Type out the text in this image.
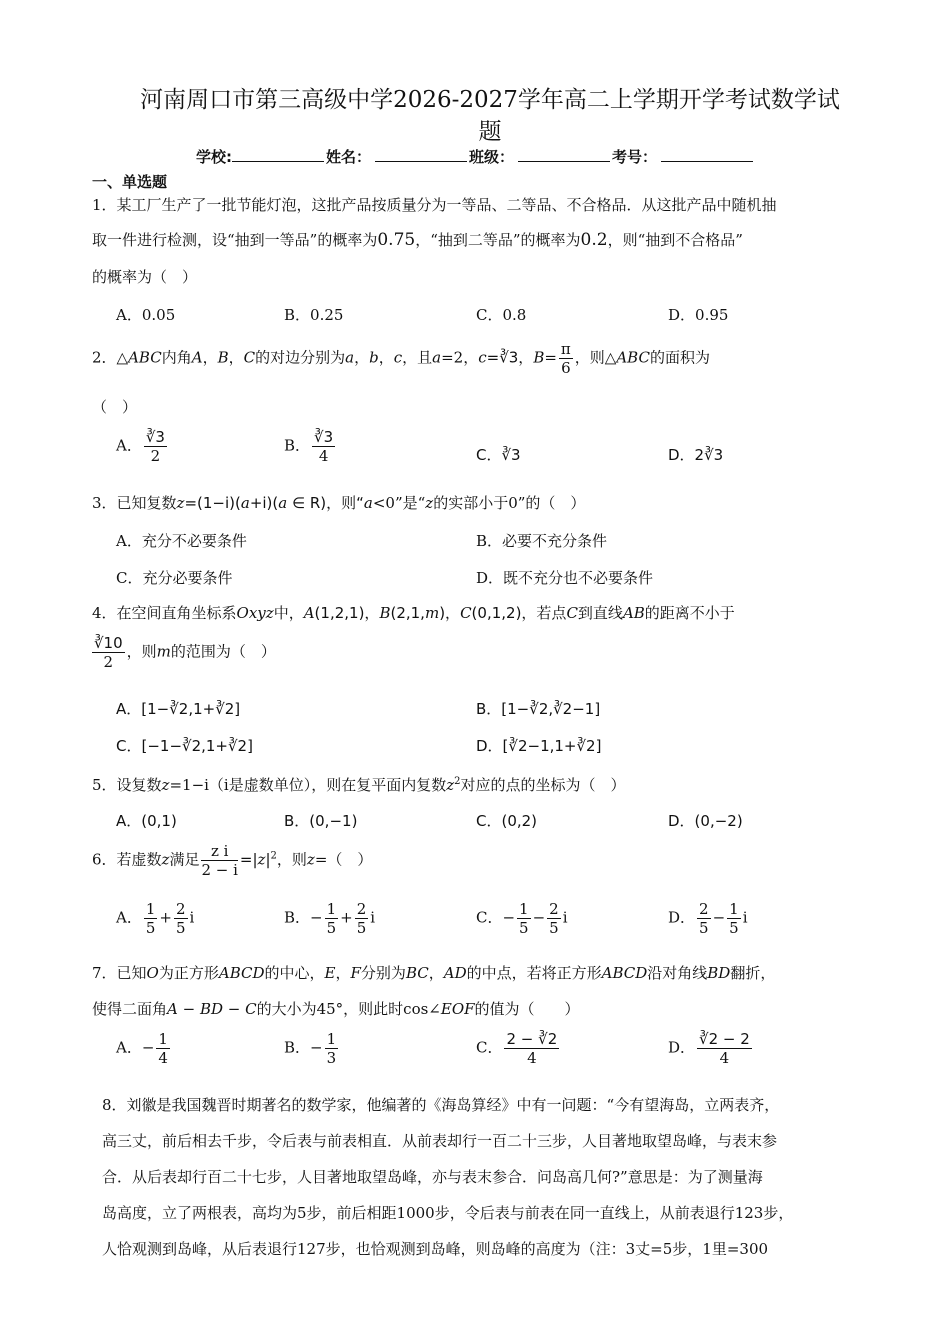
河南周口市第三高级中学2026-2027学年高二上学期开学考试数学试
题
学校:	姓名：	班级：	考号：
一、单选题
1．某工厂生产了一批节能灯泡，这批产品按质量分为一等品、二等品、不合格品．从这批产品中随机抽
取一件进行检测，设“抽到一等品”的概率为0.75，“抽到二等品”的概率为0.2，则“抽到不合格品”
的概率为（　）
A．0.05	B．0.25	C．0.8	D．0.95
2．△ABC内角A，B，C的对边分别为a，b，c，且a=2，c=∛3，$B= \frac{\pi}{6}$ ，则△ABC的面积为
（　）
A． $\frac{∛3}{2}$	B． $\frac{∛3}{4}$	C．∛3	D．2∛3
3．已知复数z=(1−i)(a+i)(a ∈ R)，则“a<0”是“z的实部小于0”的（　）
A．充分不必要条件	B．必要不充分条件
C．充分必要条件	D．既不充分也不必要条件
4．在空间直角坐标系Oxyz中，A(1,2,1)，B(2,1,m)，C(0,1,2)，若点C到直线AB的距离不小于
$\frac{∛10}{2}$ ，则m的范围为（　）
A．[1−∛2,1+∛2]	B．[1−∛2,∛2−1]
C．[−1−∛2,1+∛2]	D．[∛2−1,1+∛2]
5．设复数z=1−i（i是虚数单位），则在复平面内复数$z^2$对应的点的坐标为（　）
A．(0,1)	B．(0,−1)	C．(0,2)	D．(0,−2)
6．若虚数z满足 $\frac{\text{z i}}{2 - i} =|z|^2$，则z=（　）
A． $\frac{1}{5} + \frac{2}{5}$ i	B．− $\frac{1}{5} + \frac{2}{5}$ i	C．− $\frac{1}{5} - \frac{2}{5}$ i	D． $\frac{2}{5} - \frac{1}{5}$ i
7．已知O为正方形ABCD的中心，E，F分别为BC，AD的中点，若将正方形ABCD沿对角线BD翻折，
使得二面角A − BD − C的大小为45°，则此时cos∠EOF的值为（　　）
A．− $\frac{1}{4}$	B．− $\frac{1}{3}$	C． $\frac{2 - ∛2}{4}$	D． $\frac{∛2 - 2}{4}$
8．刘徽是我国魏晋时期著名的数学家，他编著的《海岛算经》中有一问题：“今有望海岛，立两表齐，
高三丈，前后相去千步，令后表与前表相直．从前表却行一百二十三步，人目著地取望岛峰，与表末参
合．从后表却行百二十七步，人目著地取望岛峰，亦与表末参合．问岛高几何?”意思是：为了测量海
岛高度，立了两根表，高均为5步，前后相距1000步，令后表与前表在同一直线上，从前表退行123步，
人恰观测到岛峰，从后表退行127步，也恰观测到岛峰，则岛峰的高度为（注：3丈=5步，1里=300
